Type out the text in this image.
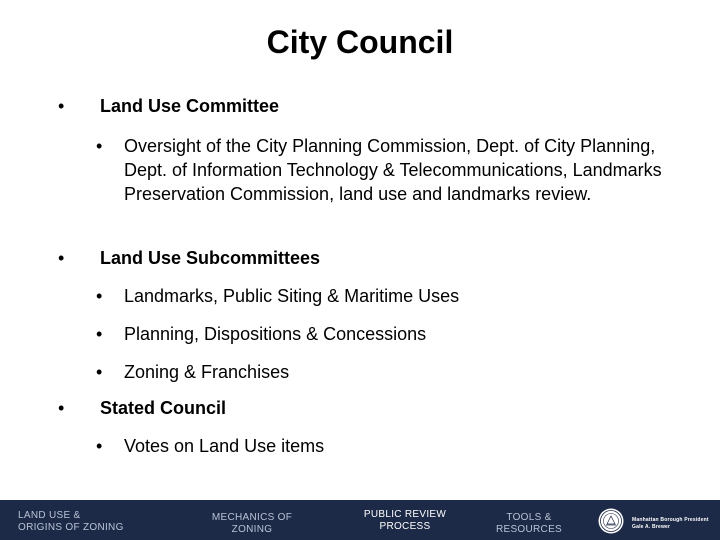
City Council
•	Land Use Committee
•	Oversight of the City Planning Commission, Dept. of City Planning, Dept. of Information Technology & Telecommunications, Landmarks Preservation Commission, land use and landmarks review.
•	Land Use Subcommittees
•	Landmarks, Public Siting & Maritime Uses
•	Planning, Dispositions & Concessions
•	Zoning & Franchises
•	Stated Council
•	Votes on Land Use items
LAND USE &
ORIGINS OF ZONING
MECHANICS OF
ZONING
PUBLIC REVIEW
PROCESS
TOOLS &
RESOURCES
Manhattan Borough President
Gale A. Brewer
